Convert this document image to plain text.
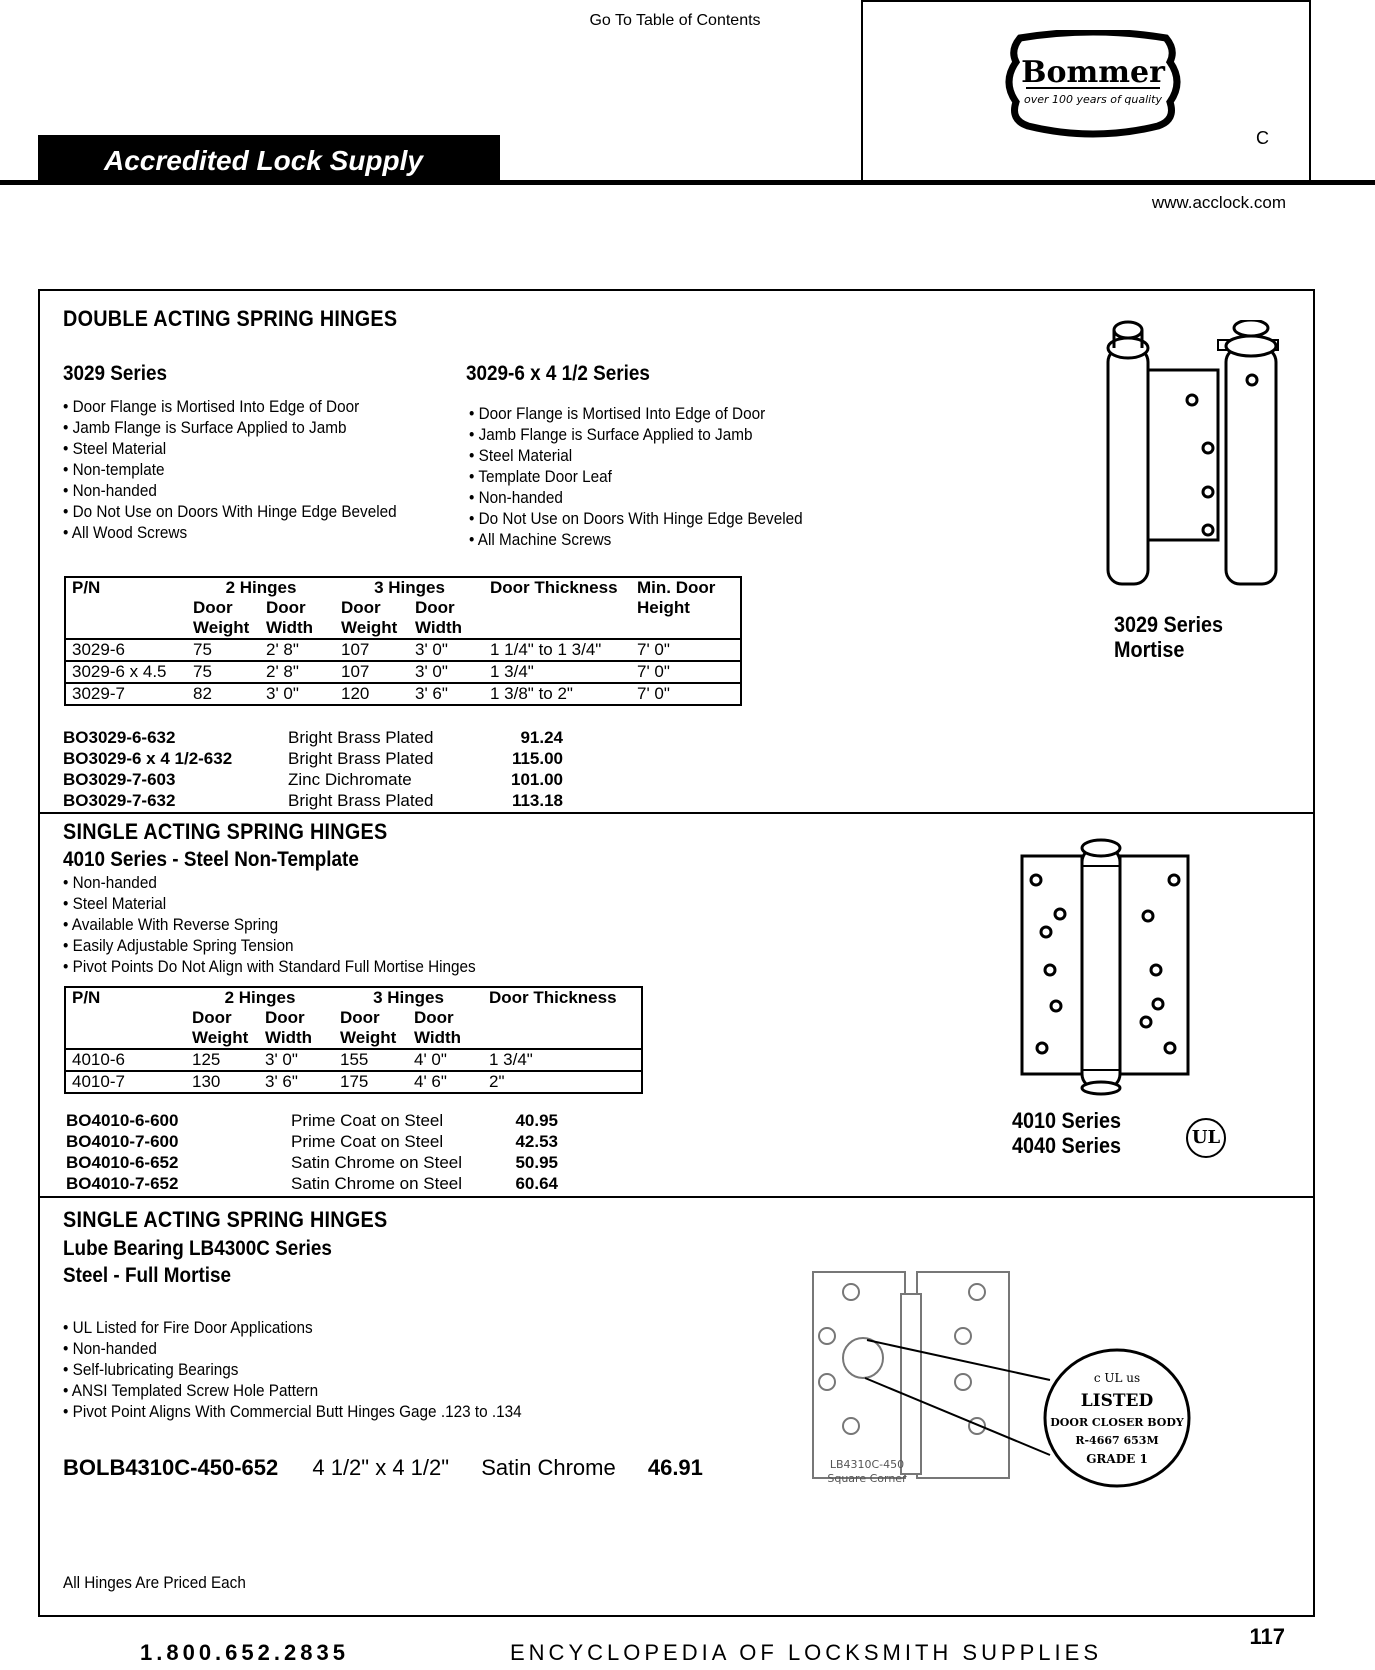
Go To Table of Contents
Bommer
over 100 years of quality
C
Accredited Lock Supply
www.acclock.com
DOUBLE ACTING SPRING HINGES
3029 Series	3029-6 x 4 1/2 Series
• Door Flange is Mortised Into Edge of Door
• Jamb Flange is Surface Applied to Jamb
• Steel Material
• Non-template
• Non-handed
• Do Not Use on Doors With Hinge Edge Beveled
• All Wood Screws
• Door Flange is Mortised Into Edge of Door
• Jamb Flange is Surface Applied to Jamb
• Steel Material
• Template Door Leaf
• Non-handed
• Do Not Use on Doors With Hinge Edge Beveled
• All Machine Screws
P/N	2 Hinges		3 Hinges		Door Thickness	Min. Door
	Door	Door	Door	Door		Height
	Weight	Width	Weight	Width		
3029-6	75	2' 8"	107	3' 0"	1 1/4" to 1 3/4"	7' 0"
3029-6 x 4.5	75	2' 8"	107	3' 0"	1 3/4"	7' 0"
3029-7	82	3' 0"	120	3' 6"	1 3/8" to 2"	7' 0"
BO3029-6-632	Bright Brass Plated	91.24
BO3029-6 x 4 1/2-632	Bright Brass Plated	115.00
BO3029-7-603	Zinc Dichromate	101.00
BO3029-7-632	Bright Brass Plated	113.18
3029 Series
Mortise
SINGLE ACTING SPRING HINGES
4010 Series - Steel Non-Template
• Non-handed
• Steel Material
• Available With Reverse Spring
• Easily Adjustable Spring Tension
• Pivot Points Do Not Align with Standard Full Mortise Hinges
P/N	2 Hinges		3 Hinges		Door Thickness
	Door	Door	Door	Door	
	Weight	Width	Weight	Width	
4010-6	125	3' 0"	155	4' 0"	1 3/4"
4010-7	130	3' 6"	175	4' 6"	2"
BO4010-6-600	Prime Coat on Steel	40.95
BO4010-7-600	Prime Coat on Steel	42.53
BO4010-6-652	Satin Chrome on Steel	50.95
BO4010-7-652	Satin Chrome on Steel	60.64
4010 Series
4040 Series	UL
SINGLE ACTING SPRING HINGES
Lube Bearing LB4300C Series
Steel - Full Mortise
• UL Listed for Fire Door Applications
• Non-handed
• Self-lubricating Bearings
• ANSI Templated Screw Hole Pattern
• Pivot Point Aligns With Commercial Butt Hinges Gage .123 to .134
BOLB4310C-450-652 4 1/2" x 4 1/2" Satin Chrome 46.91
c UL us
LISTED
DOOR CLOSER BODY
R-4667 653M
GRADE 1
LB4310C-450
Square Corner
All Hinges Are Priced Each
117
1.800.652.2835	ENCYCLOPEDIA OF LOCKSMITH SUPPLIES
